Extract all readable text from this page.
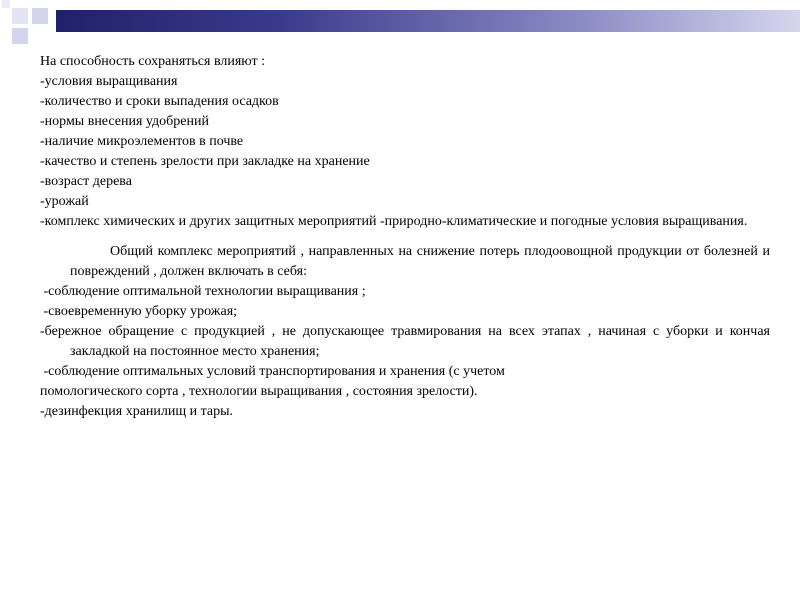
На способность сохраняться влияют :
-условия выращивания
-количество и сроки выпадения осадков
-нормы внесения удобрений
-наличие микроэлементов в почве
-качество и степень зрелости при закладке на хранение
-возраст дерева
-урожай
-комплекс химических и других защитных мероприятий -природно-климатические и погодные условия выращивания.
Общий комплекс мероприятий , направленных на снижение потерь плодоовощной продукции от болезней и повреждений , должен включать в себя:
-соблюдение оптимальной технологии выращивания ;
-своевременную уборку урожая;
-бережное обращение с продукцией , не допускающее травмирования на всех этапах , начиная с уборки и кончая закладкой на постоянное место хранения;
-соблюдение оптимальных условий транспортирования и хранения (с учетом
помологического сорта , технологии выращивания , состояния зрелости).
-дезинфекция хранилищ и тары.
